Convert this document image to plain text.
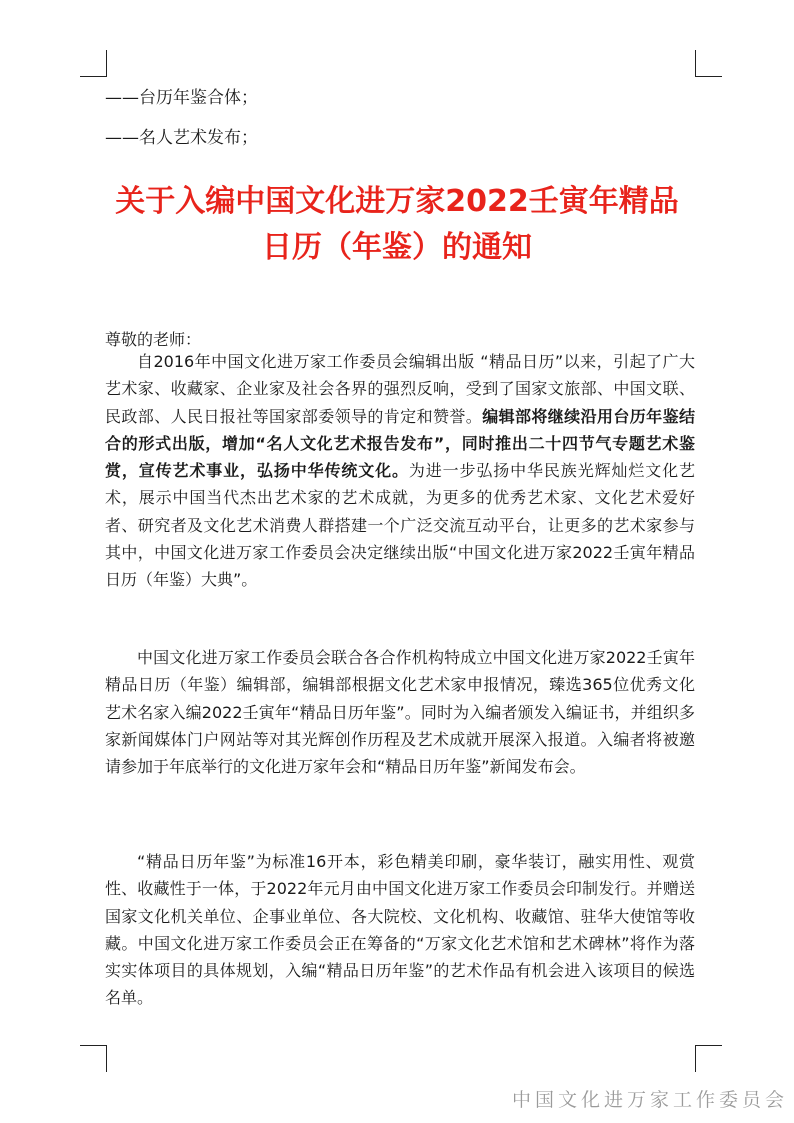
——台历年鉴合体；
——名人艺术发布；
关于入编中国文化进万家2022壬寅年精品
日历（年鉴）的通知
尊敬的老师：

自2016年中国文化进万家工作委员会编辑出版 “精品日历”以来，引起了广大艺术家、收藏家、企业家及社会各界的强烈反响，受到了国家文旅部、中国文联、民政部、人民日报社等国家部委领导的肯定和赞誉。编辑部将继续沿用台历年鉴结合的形式出版，增加“名人文化艺术报告发布”，同时推出二十四节气专题艺术鉴赏，宣传艺术事业，弘扬中华传统文化。为进一步弘扬中华民族光辉灿烂文化艺术，展示中国当代杰出艺术家的艺术成就，为更多的优秀艺术家、文化艺术爱好者、研究者及文化艺术消费人群搭建一个广泛交流互动平台，让更多的艺术家参与其中，中国文化进万家工作委员会决定继续出版“中国文化进万家2022壬寅年精品日历（年鉴）大典”。

中国文化进万家工作委员会联合各合作机构特成立中国文化进万家2022壬寅年精品日历（年鉴）编辑部，编辑部根据文化艺术家申报情况，臻选365位优秀文化艺术名家入编2022壬寅年“精品日历年鉴”。同时为入编者颁发入编证书，并组织多家新闻媒体门户网站等对其光辉创作历程及艺术成就开展深入报道。入编者将被邀请参加于年底举行的文化进万家年会和“精品日历年鉴”新闻发布会。

“精品日历年鉴”为标准16开本，彩色精美印刷，豪华装订，融实用性、观赏性、收藏性于一体，于2022年元月由中国文化进万家工作委员会印制发行。并赠送国家文化机关单位、企事业单位、各大院校、文化机构、收藏馆、驻华大使馆等收藏。中国文化进万家工作委员会正在筹备的“万家文化艺术馆和艺术碑林”将作为落实实体项目的具体规划，入编“精品日历年鉴”的艺术作品有机会进入该项目的候选名单。

中国文化进万家工作委员会
